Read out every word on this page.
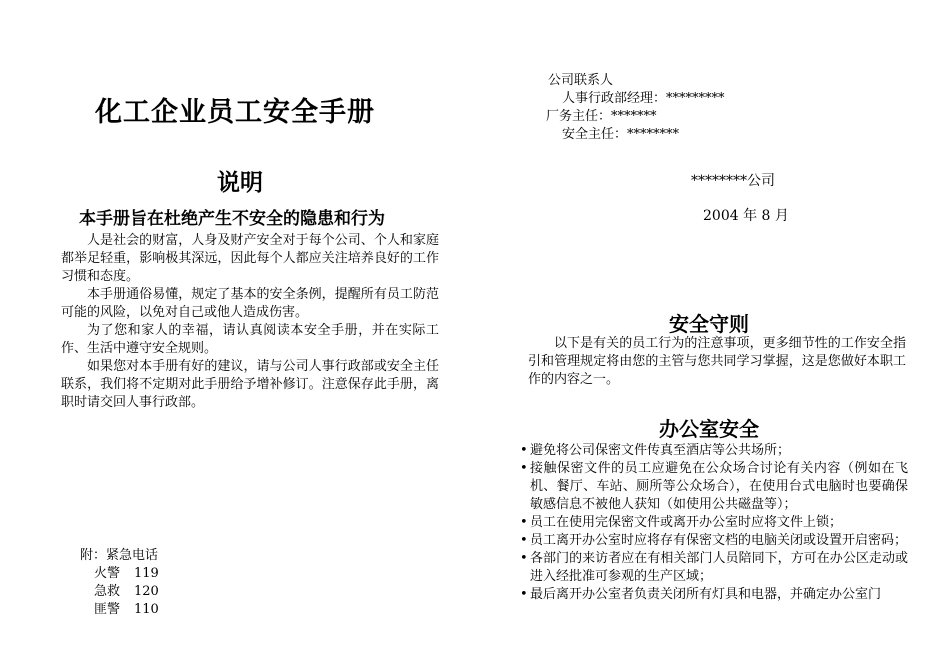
化工企业员工安全手册
说明
本手册旨在杜绝产生不安全的隐患和行为

人是社会的财富，人身及财产安全对于每个公司、个人和家庭都举足轻重，影响极其深远，因此每个人都应关注培养良好的工作习惯和态度。

本手册通俗易懂，规定了基本的安全条例，提醒所有员工防范可能的风险，以免对自己或他人造成伤害。

为了您和家人的幸福，请认真阅读本安全手册，并在实际工作、生活中遵守安全规则。

如果您对本手册有好的建议，请与公司人事行政部或安全主任联系，我们将不定期对此手册给予增补修订。注意保存此手册，离职时请交回人事行政部。

附：紧急电话
火警 119
急救 120
匪警 110
公司联系人
人事行政部经理：*********
厂务主任：*******
安全主任：********
********公司
2004 年 8 月
安全守则

以下是有关的员工行为的注意事项，更多细节性的工作安全指引和管理规定将由您的主管与您共同学习掌握，这是您做好本职工作的内容之一。

办公室安全
• 避免将公司保密文件传真至酒店等公共场所；
• 接触保密文件的员工应避免在公众场合讨论有关内容（例如在飞机、餐厅、车站、厕所等公众场合），在使用台式电脑时也要确保敏感信息不被他人获知（如使用公共磁盘等）；
• 员工在使用完保密文件或离开办公室时应将文件上锁；
• 员工离开办公室时应将存有保密文档的电脑关闭或设置开启密码；
• 各部门的来访者应在有相关部门人员陪同下，方可在办公区走动或进入经批准可参观的生产区域；
• 最后离开办公室者负责关闭所有灯具和电器，并确定办公室门
